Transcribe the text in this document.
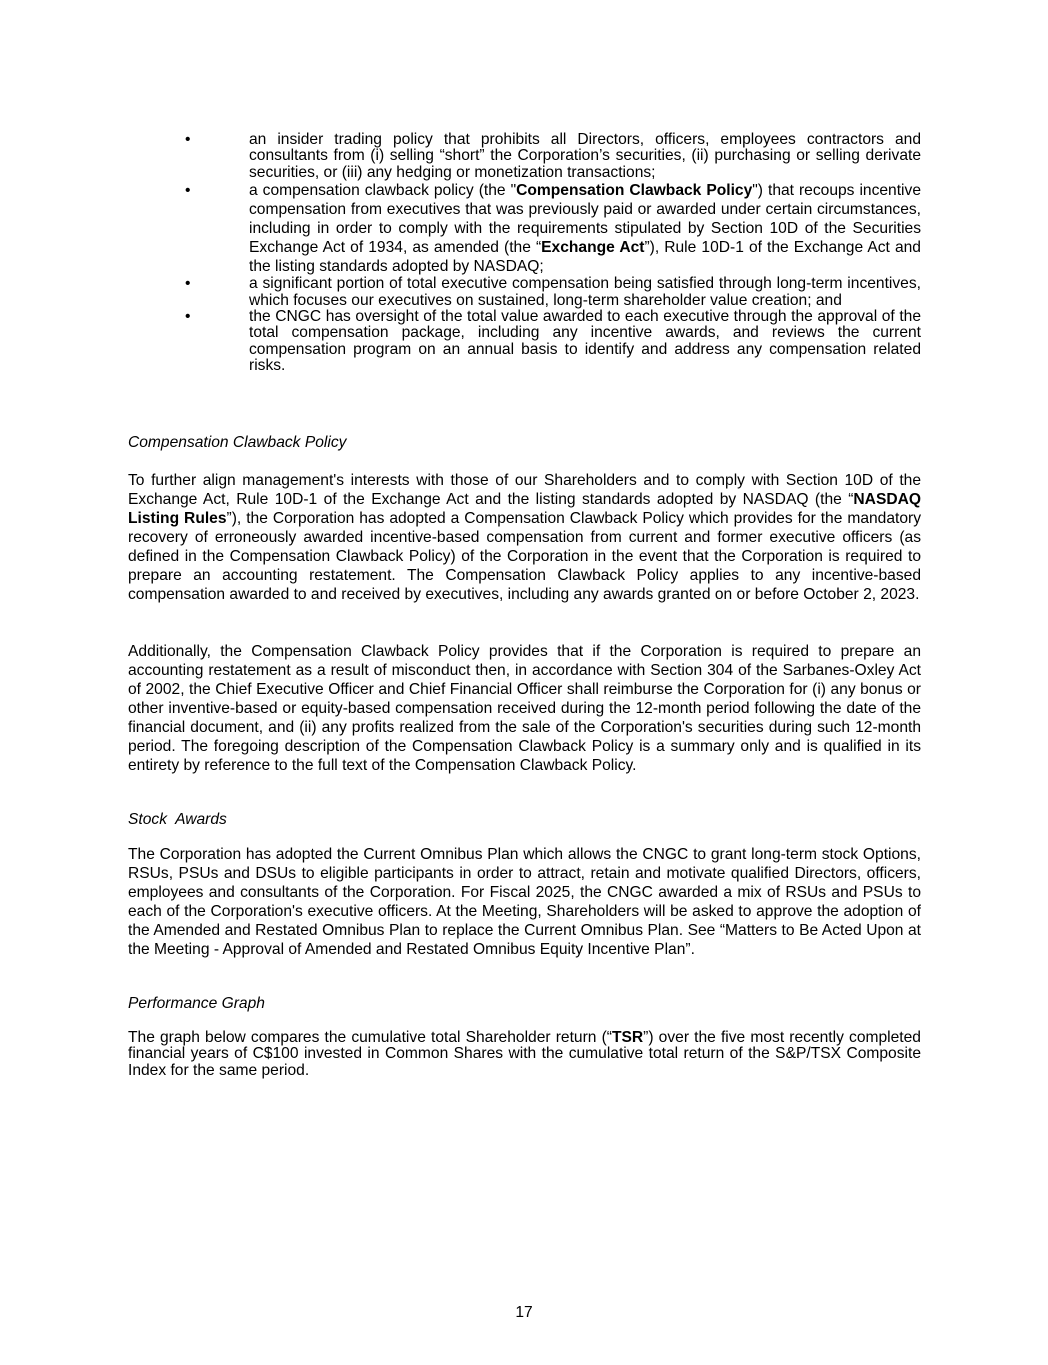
•	an insider trading policy that prohibits all Directors, officers, employees contractors and consultants from (i) selling “short” the Corporation’s securities, (ii) purchasing or selling derivate securities, or (iii) any hedging or monetization transactions;
•	a compensation clawback policy (the "Compensation Clawback Policy") that recoups incentive compensation from executives that was previously paid or awarded under certain circumstances, including in order to comply with the requirements stipulated by Section 10D of the Securities Exchange Act of 1934, as amended (the “Exchange Act”), Rule 10D-1 of the Exchange Act and the listing standards adopted by NASDAQ;
•	a significant portion of total executive compensation being satisfied through long-term incentives, which focuses our executives on sustained, long-term shareholder value creation; and
•	the CNGC has oversight of the total value awarded to each executive through the approval of the total compensation package, including any incentive awards, and reviews the current compensation program on an annual basis to identify and address any compensation related risks.

Compensation Clawback Policy

To further align management's interests with those of our Shareholders and to comply with Section 10D of the Exchange Act, Rule 10D-1 of the Exchange Act and the listing standards adopted by NASDAQ (the “NASDAQ Listing Rules”), the Corporation has adopted a Compensation Clawback Policy which provides for the mandatory recovery of erroneously awarded incentive-based compensation from current and former executive officers (as defined in the Compensation Clawback Policy) of the Corporation in the event that the Corporation is required to prepare an accounting restatement. The Compensation Clawback Policy applies to any incentive-based compensation awarded to and received by executives, including any awards granted on or before October 2, 2023.

Additionally, the Compensation Clawback Policy provides that if the Corporation is required to prepare an accounting restatement as a result of misconduct then, in accordance with Section 304 of the Sarbanes-Oxley Act of 2002, the Chief Executive Officer and Chief Financial Officer shall reimburse the Corporation for (i) any bonus or other inventive-based or equity-based compensation received during the 12-month period following the date of the financial document, and (ii) any profits realized from the sale of the Corporation's securities during such 12-month period. The foregoing description of the Compensation Clawback Policy is a summary only and is qualified in its entirety by reference to the full text of the Compensation Clawback Policy.

Stock  Awards

The Corporation has adopted the Current Omnibus Plan which allows the CNGC to grant long-term stock Options, RSUs, PSUs and DSUs to eligible participants in order to attract, retain and motivate qualified Directors, officers, employees and consultants of the Corporation. For Fiscal 2025, the CNGC awarded a mix of RSUs and PSUs to each of the Corporation's executive officers. At the Meeting, Shareholders will be asked to approve the adoption of the Amended and Restated Omnibus Plan to replace the Current Omnibus Plan. See “Matters to Be Acted Upon at the Meeting - Approval of Amended and Restated Omnibus Equity Incentive Plan”.

Performance Graph

The graph below compares the cumulative total Shareholder return (“TSR”) over the five most recently completed financial years of C$100 invested in Common Shares with the cumulative total return of the S&P/TSX Composite Index for the same period.

17
